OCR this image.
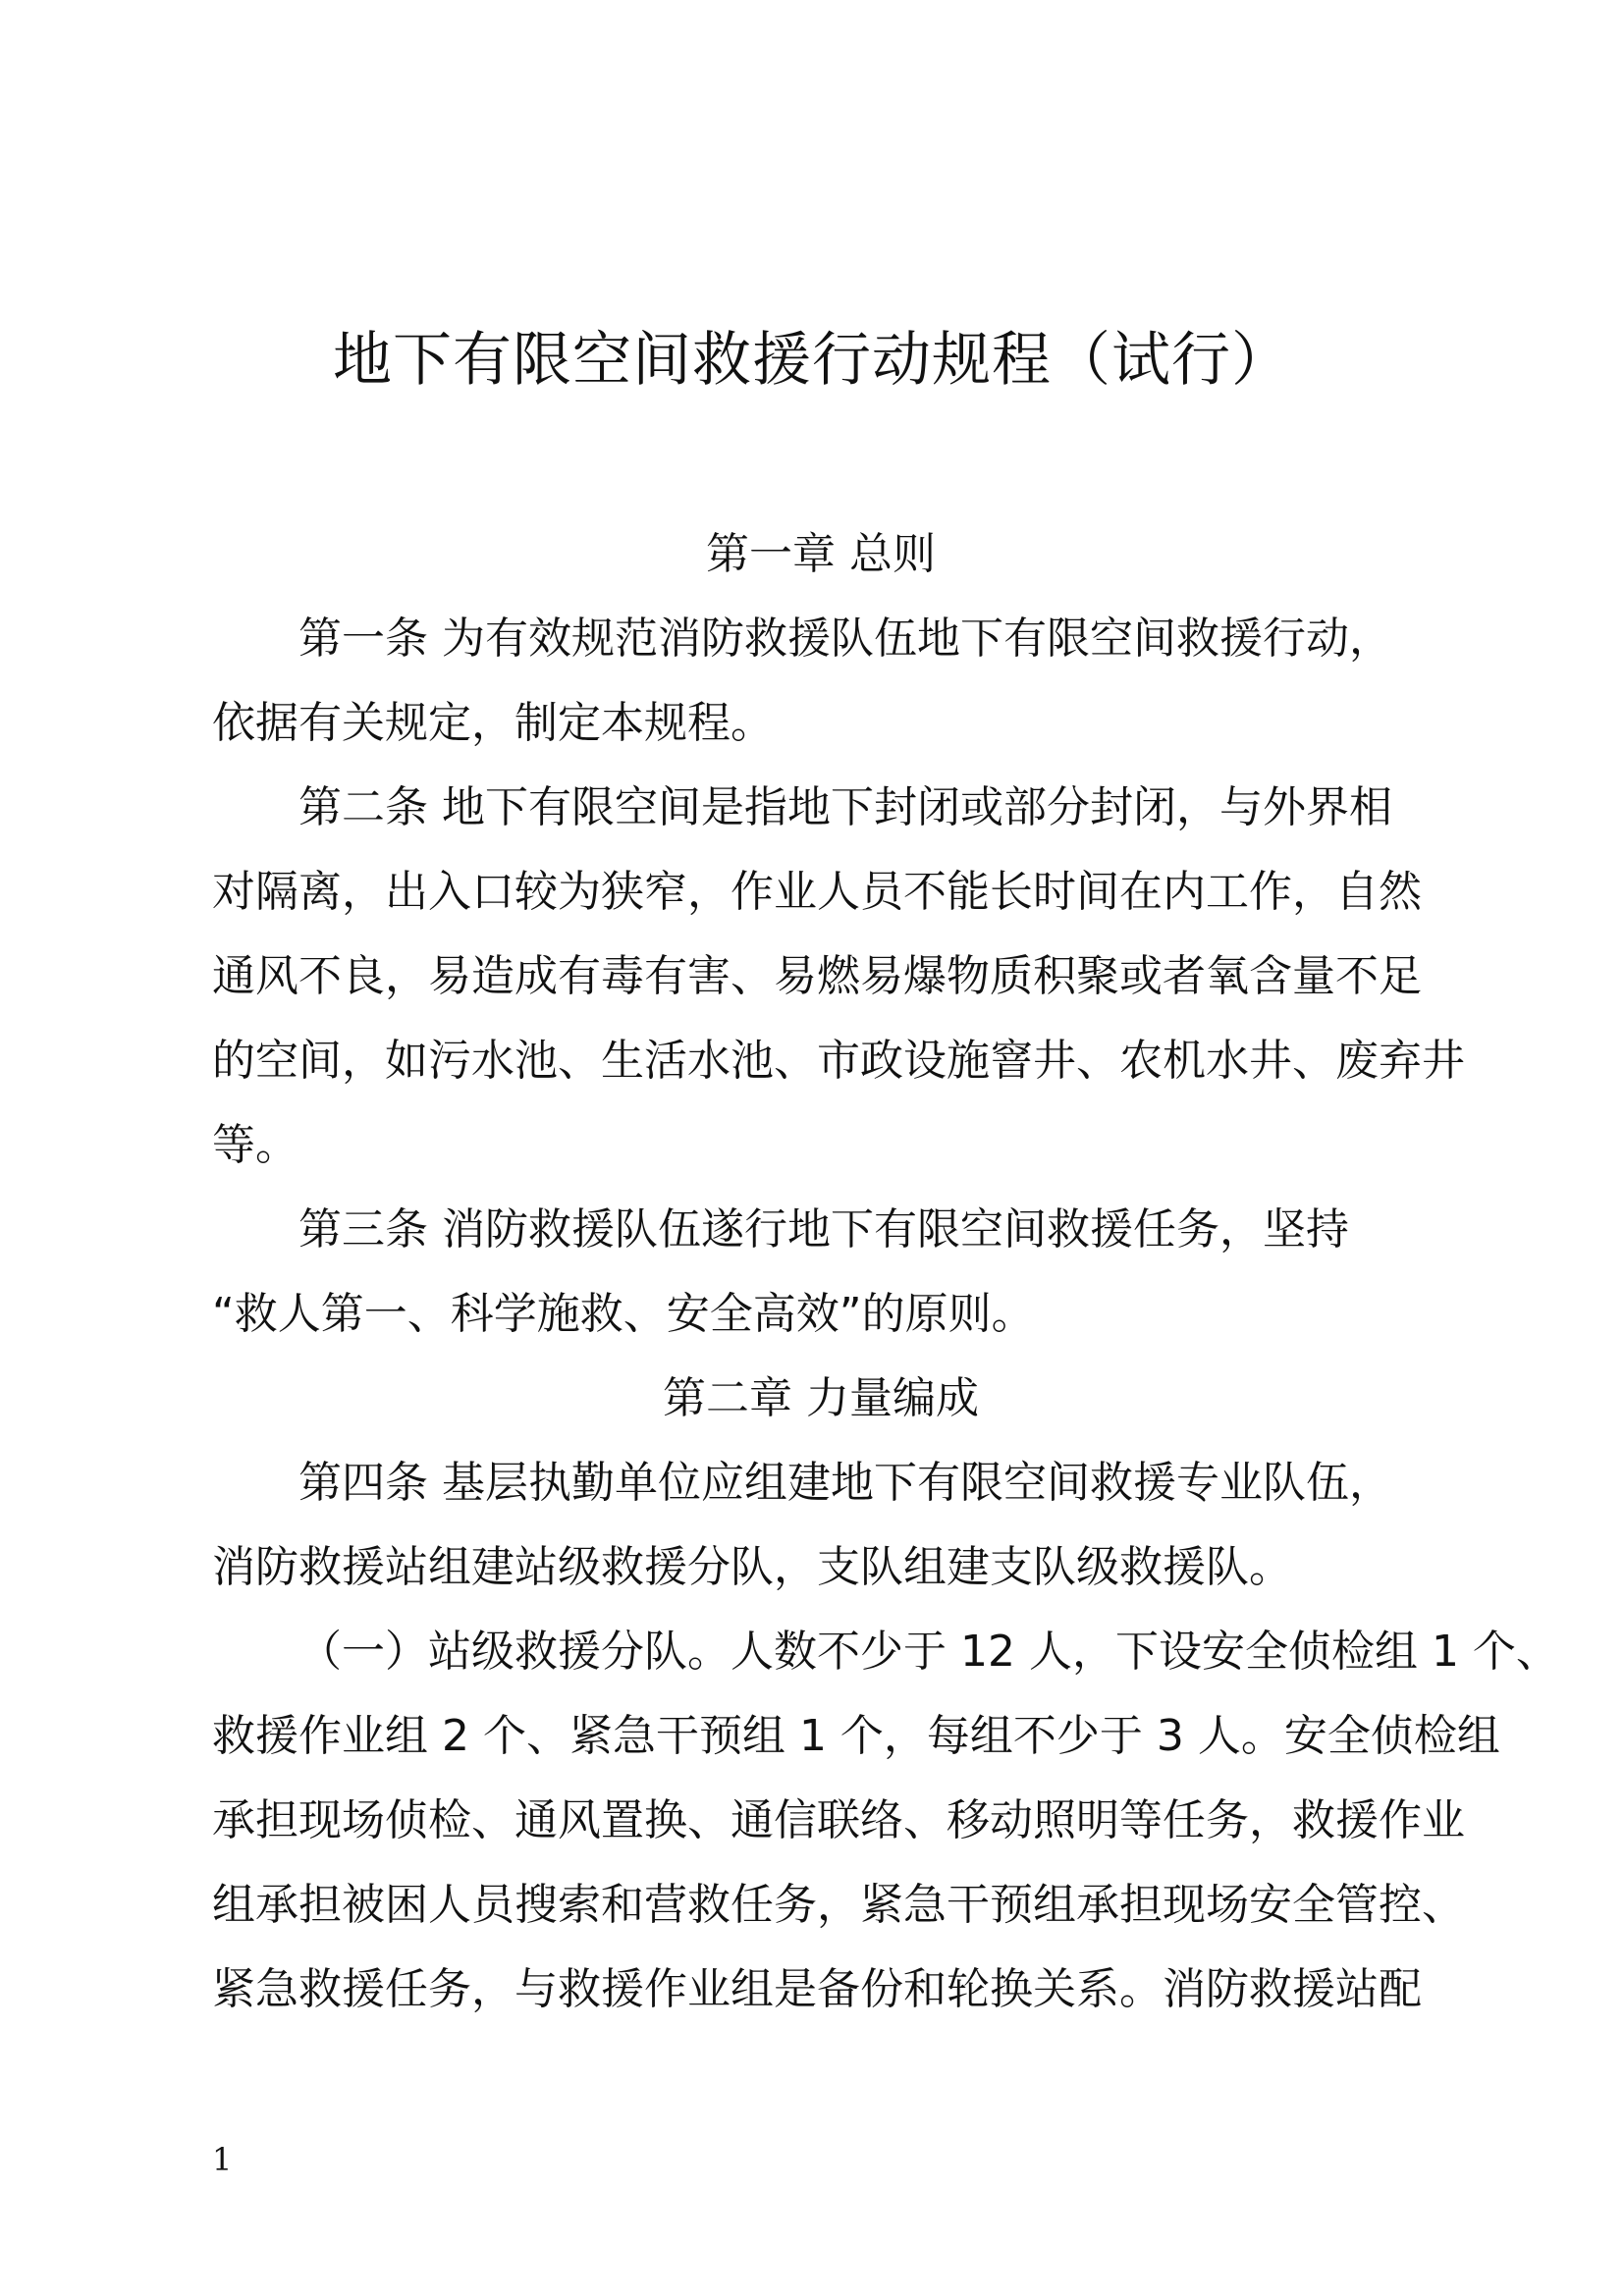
地下有限空间救援行动规程（试行）
第一章 总则

第一条 为有效规范消防救援队伍地下有限空间救援行动，
依据有关规定，制定本规程。

第二条 地下有限空间是指地下封闭或部分封闭，与外界相
对隔离，出入口较为狭窄，作业人员不能长时间在内工作，自然
通风不良，易造成有毒有害、易燃易爆物质积聚或者氧含量不足
的空间，如污水池、生活水池、市政设施窨井、农机水井、废弃井
等。

第三条 消防救援队伍遂行地下有限空间救援任务，坚持
“救人第一、科学施救、安全高效”的原则。

第二章 力量编成

第四条 基层执勤单位应组建地下有限空间救援专业队伍，
消防救援站组建站级救援分队，支队组建支队级救援队。

（一）站级救援分队。人数不少于 12 人，下设安全侦检组 1 个、
救援作业组 2 个、紧急干预组 1 个，每组不少于 3 人。安全侦检组
承担现场侦检、通风置换、通信联络、移动照明等任务，救援作业
组承担被困人员搜索和营救任务，紧急干预组承担现场安全管控、
紧急救援任务，与救援作业组是备份和轮换关系。消防救援站配

1
